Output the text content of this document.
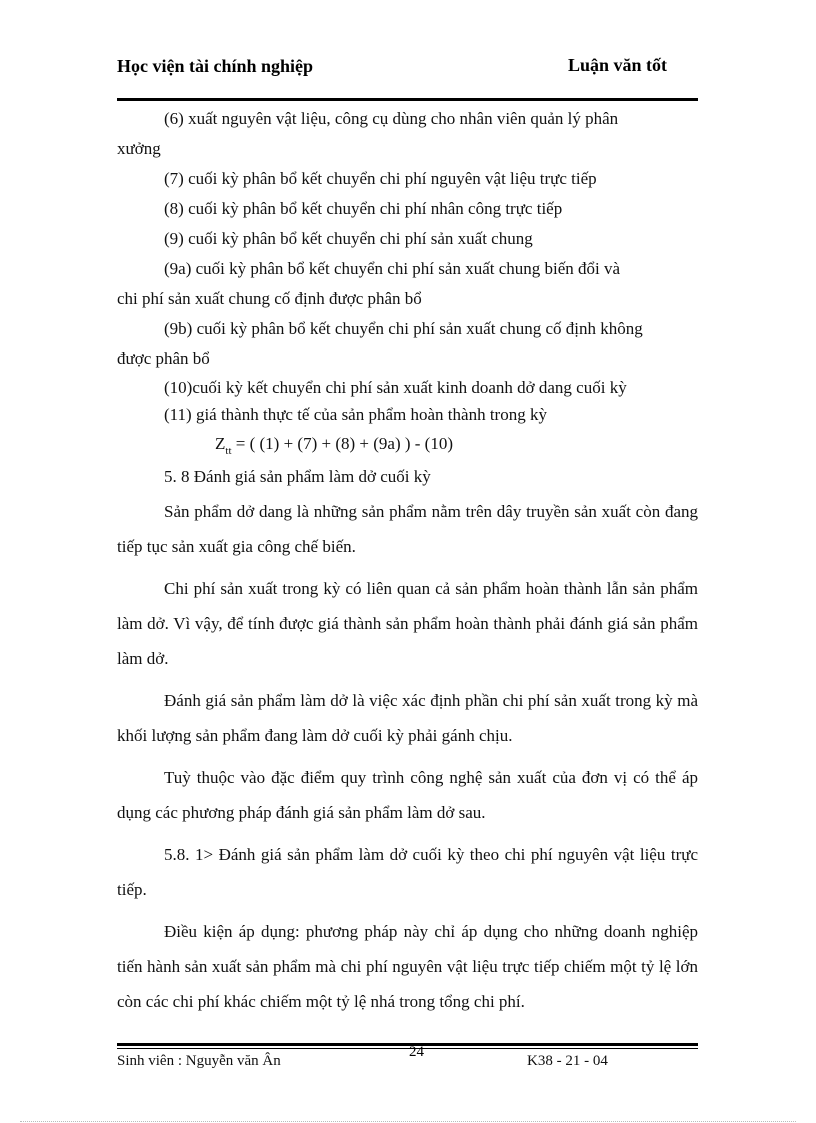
Học viện tài chính nghiệp	Luận văn tốt

(6) xuất nguyên vật liệu, công cụ dùng cho nhân viên quản lý phân

xưởng

(7) cuối kỳ phân bổ kết chuyển chi phí nguyên vật liệu trực tiếp

(8) cuối kỳ phân bổ kết chuyển chi phí nhân công trực tiếp

(9) cuối kỳ phân bổ kết chuyển chi phí sản xuất chung

(9a) cuối kỳ phân bổ kết chuyển chi phí sản xuất chung biến đổi và

chi phí sản xuất chung cố định được phân bổ

(9b) cuối kỳ phân bổ kết chuyển chi phí sản xuất chung cố định không

được phân bổ

(10)cuối kỳ kết chuyển chi phí sản xuất kinh doanh dở dang cuối kỳ

(11) giá thành thực tế của sản phẩm hoàn thành trong kỳ

$Z_{tt}$ = ( (1) + (7) + (8) + (9a) ) - (10)

5. 8 Đánh giá sản phẩm làm dở cuối kỳ

Sản phẩm dở dang là những sản phẩm nằm trên dây truyền sản xuất còn đang tiếp tục sản xuất gia công chế biến.

Chi phí sản xuất trong kỳ có liên quan cả sản phẩm hoàn thành lẫn sản phẩm làm dở. Vì vậy, để tính được giá thành sản phẩm hoàn thành phải đánh giá sản phẩm làm dở.

Đánh giá sản phẩm làm dở là việc xác định phần chi phí sản xuất trong kỳ mà khối lượng sản phẩm đang làm dở cuối kỳ phải gánh chịu.

Tuỳ thuộc vào đặc điểm quy trình công nghệ sản xuất của đơn vị có thể áp dụng các phương pháp đánh giá sản phẩm làm dở sau.

5.8. 1> Đánh giá sản phẩm làm dở cuối kỳ theo chi phí nguyên vật liệu trực tiếp.

Điều kiện áp dụng: phương pháp này chỉ áp dụng cho những doanh nghiệp tiến hành sản xuất sản phẩm mà chi phí nguyên vật liệu trực tiếp chiếm một tỷ lệ lớn còn các chi phí khác chiếm một tỷ lệ nhá trong tổng chi phí.

24
Sinh viên : Nguyễn văn Ân	K38 - 21 - 04
